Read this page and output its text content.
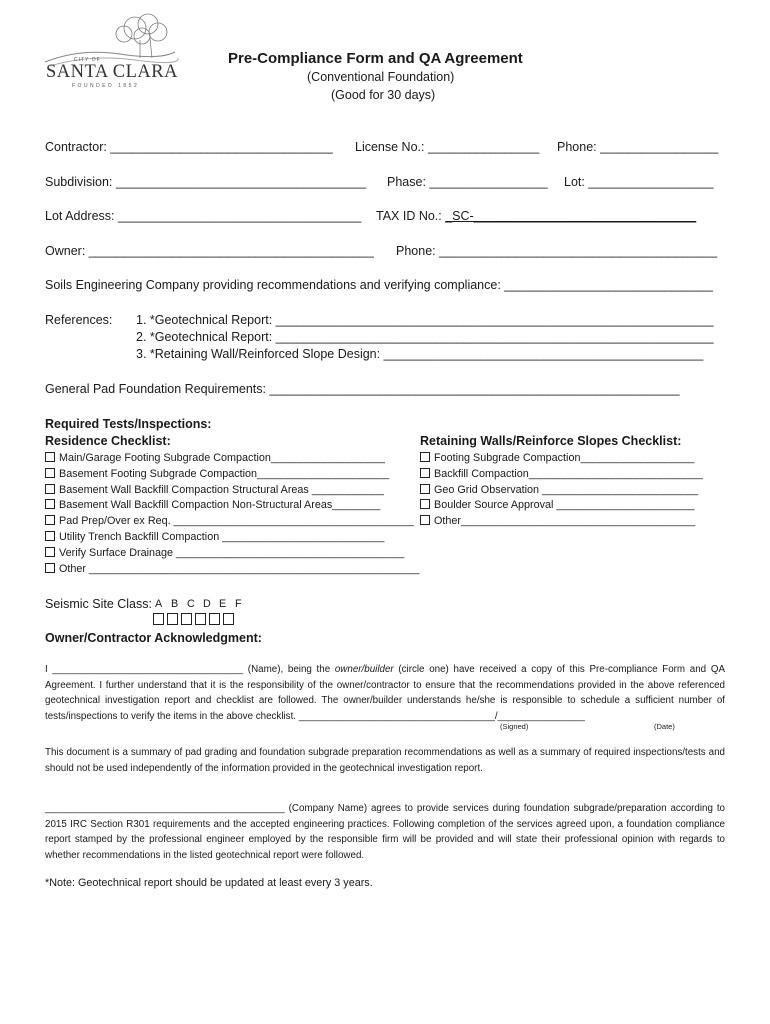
CITY OF
SANTA CLARA
FOUNDED 1852
Pre-Compliance Form and QA Agreement
(Conventional Foundation)
(Good for 30 days)
Contractor: ________________________________ License No.: ________________ Phone: _________________
Subdivision: ____________________________________ Phase: _________________ Lot: __________________
Lot Address: ___________________________________ TAX ID No.: _SC-________________________________
Owner: _________________________________________ Phone: ________________________________________
Soils Engineering Company providing recommendations and verifying compliance: ______________________________
References: 1. *Geotechnical Report: _______________________________________________________________
2. *Geotechnical Report: _______________________________________________________________
3. *Retaining Wall/Reinforced Slope Design: ______________________________________________
General Pad Foundation Requirements: ___________________________________________________________
Required Tests/Inspections:
Residence Checklist:	Retaining Walls/Reinforce Slopes Checklist:
Main/Garage Footing Subgrade Compaction___________________
Basement Footing Subgrade Compaction______________________
Basement Wall Backfill Compaction Structural Areas ____________
Basement Wall Backfill Compaction Non-Structural Areas________
Pad Prep/Over ex Req. ________________________________________
Utility Trench Backfill Compaction ___________________________
Verify Surface Drainage ______________________________________
Other _______________________________________________________
Footing Subgrade Compaction___________________
Backfill Compaction_____________________________
Geo Grid Observation __________________________
Boulder Source Approval _______________________
Other_______________________________________
Seismic Site Class: A B C D E F
Owner/Contractor Acknowledgment:
I ___________________________________ (Name), being the owner/builder (circle one) have received a copy of this Pre-compliance Form and QA Agreement. I further understand that it is the responsibility of the owner/contractor to ensure that the recommendations provided in the above referenced geotechnical investigation report and checklist are followed. The owner/builder understands he/she is responsible to schedule a sufficient number of tests/inspections to verify the items in the above checklist. ____________________________________/________________
(Signed)	(Date)
This document is a summary of pad grading and foundation subgrade preparation recommendations as well as a summary of required inspections/tests and should not be used independently of the information provided in the geotechnical investigation report.
____________________________________________ (Company Name) agrees to provide services during foundation subgrade/preparation according to 2015 IRC Section R301 requirements and the accepted engineering practices. Following completion of the services agreed upon, a foundation compliance report stamped by the professional engineer employed by the responsible firm will be provided and will state their professional opinion with regards to whether recommendations in the listed geotechnical report were followed.
*Note: Geotechnical report should be updated at least every 3 years.
